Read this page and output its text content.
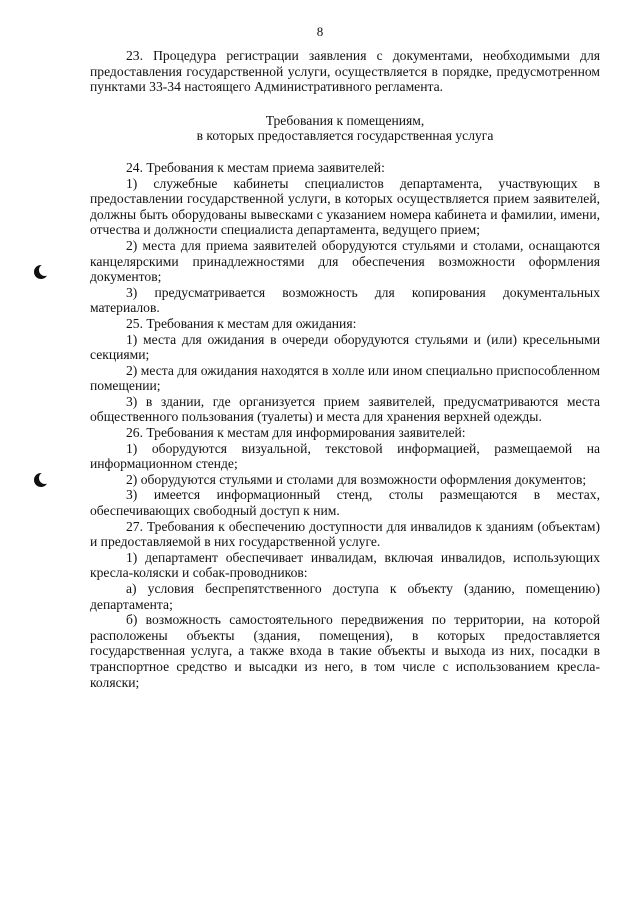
8

23. Процедура регистрации заявления с документами, необходимыми для предоставления государственной услуги, осуществляется в порядке, предусмотренном пунктами 33-34 настоящего Административного регламента.

Требования к помещениям,
в которых предоставляется государственная услуга

24. Требования к местам приема заявителей:

1) служебные кабинеты специалистов департамента, участвующих в предоставлении государственной услуги, в которых осуществляется прием заявителей, должны быть оборудованы вывесками с указанием номера кабинета и фамилии, имени, отчества и должности специалиста департамента, ведущего прием;

2) места для приема заявителей оборудуются стульями и столами, оснащаются канцелярскими принадлежностями для обеспечения возможности оформления документов;

3) предусматривается возможность для копирования документальных материалов.

25. Требования к местам для ожидания:

1) места для ожидания в очереди оборудуются стульями и (или) кресельными секциями;

2) места для ожидания находятся в холле или ином специально приспособленном помещении;

3) в здании, где организуется прием заявителей, предусматриваются места общественного пользования (туалеты) и места для хранения верхней одежды.

26. Требования к местам для информирования заявителей:

1) оборудуются визуальной, текстовой информацией, размещаемой на информационном стенде;

2) оборудуются стульями и столами для возможности оформления документов;

3) имеется информационный стенд, столы размещаются в местах, обеспечивающих свободный доступ к ним.

27. Требования к обеспечению доступности для инвалидов к зданиям (объектам) и предоставляемой в них государственной услуге.

1) департамент обеспечивает инвалидам, включая инвалидов, использующих кресла-коляски и собак-проводников:

а) условия беспрепятственного доступа к объекту (зданию, помещению) департамента;

б) возможность самостоятельного передвижения по территории, на которой расположены объекты (здания, помещения), в которых предоставляется государственная услуга, а также входа в такие объекты и выхода из них, посадки в транспортное средство и высадки из него, в том числе с использованием кресла-коляски;
